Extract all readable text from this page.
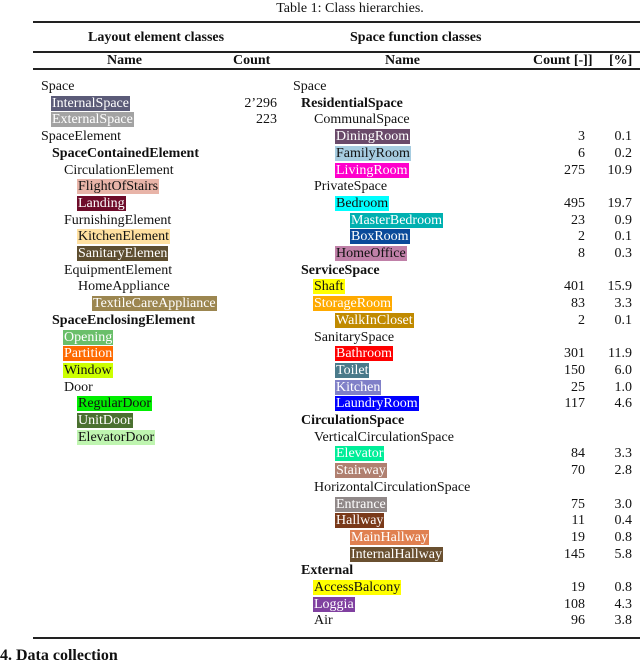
Table 1: Class hierarchies.
Layout element classes	Space function classes
Name	Count	Name	Count [-]] [%]
Space
InternalSpace	2’296
ExternalSpace	223
SpaceElement
SpaceContainedElement
CirculationElement
FlightOfStairs
Landing
FurnishingElement
KitchenElement
SanitaryElemen
EquipmentElement
HomeAppliance
TextileCareAppliance
SpaceEnclosingElement
Opening
Partition
Window
Door
RegularDoor
UnitDoor
ElevatorDoor
Space
ResidentialSpace
CommunalSpace
DiningRoom	3 0.1
FamilyRoom	6 0.2
LivingRoom	275 10.9
PrivateSpace
Bedroom	495 19.7
MasterBedroom	23 0.9
BoxRoom	2 0.1
HomeOffice	8 0.3
ServiceSpace
Shaft	401 15.9
StorageRoom	83 3.3
WalkInCloset	2 0.1
SanitarySpace
Bathroom	301 11.9
Toilet	150 6.0
Kitchen	25 1.0
LaundryRoom	117 4.6
CirculationSpace
VerticalCirculationSpace
Elevator	84 3.3
Stairway	70 2.8
HorizontalCirculationSpace
Entrance	75 3.0
Hallway	11 0.4
MainHallway	19 0.8
InternalHallway	145 5.8
External
AccessBalcony	19 0.8
Loggia	108 4.3
Air	96 3.8
4. Data collection
